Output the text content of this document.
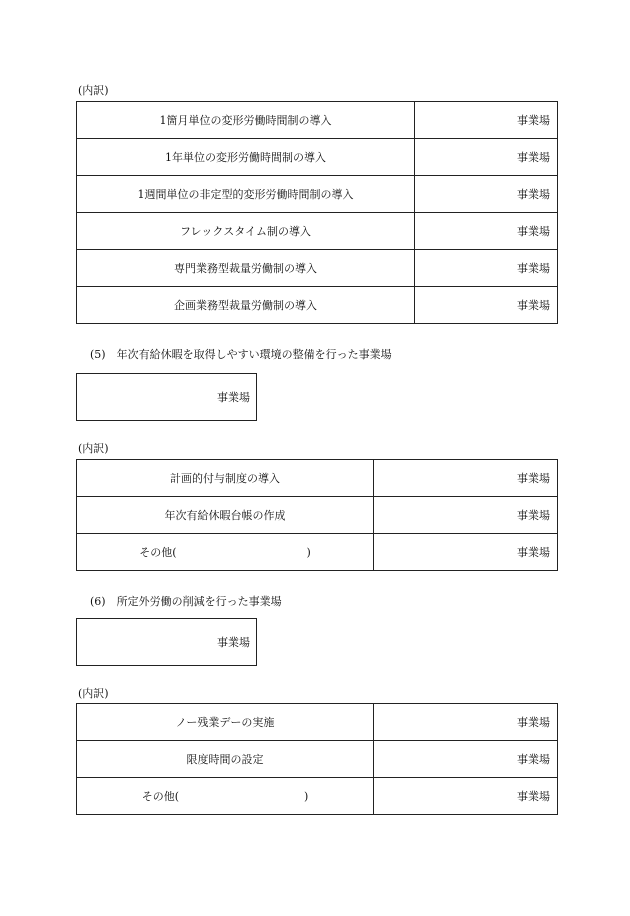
(内訳)
1箇月単位の変形労働時間制の導入	事業場
1年単位の変形労働時間制の導入	事業場
1週間単位の非定型的変形労働時間制の導入	事業場
フレックスタイム制の導入	事業場
専門業務型裁量労働制の導入	事業場
企画業務型裁量労働制の導入	事業場
(5)　年次有給休暇を取得しやすい環境の整備を行った事業場
事業場
(内訳)
計画的付与制度の導入	事業場
年次有給休暇台帳の作成	事業場
その他( )	事業場
(6)　所定外労働の削減を行った事業場
事業場
(内訳)
ノー残業デーの実施	事業場
限度時間の設定	事業場
その他( )	事業場
